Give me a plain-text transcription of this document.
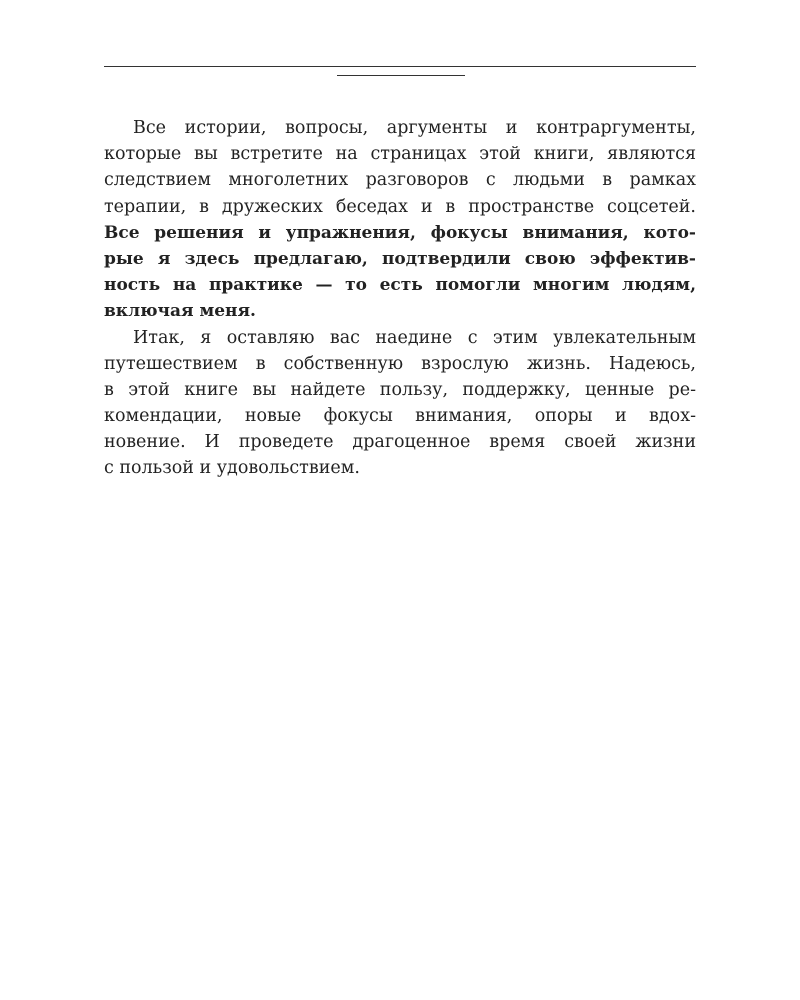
Все истории, вопросы, аргументы и контраргументы,
которые вы встретите на страницах этой книги, являются
следствием многолетних разговоров с людьми в рамках
терапии, в дружеских беседах и в пространстве соцсетей.
Все решения и упражнения, фокусы внимания, кото-
рые я здесь предлагаю, подтвердили свою эффектив-
ность на практике — то есть помогли многим людям,
включая меня.
Итак, я оставляю вас наедине с этим увлекательным
путешествием в собственную взрослую жизнь. Надеюсь,
в этой книге вы найдете пользу, поддержку, ценные ре-
комендации, новые фокусы внимания, опоры и вдох-
новение. И проведете драгоценное время своей жизни
с пользой и удовольствием.
